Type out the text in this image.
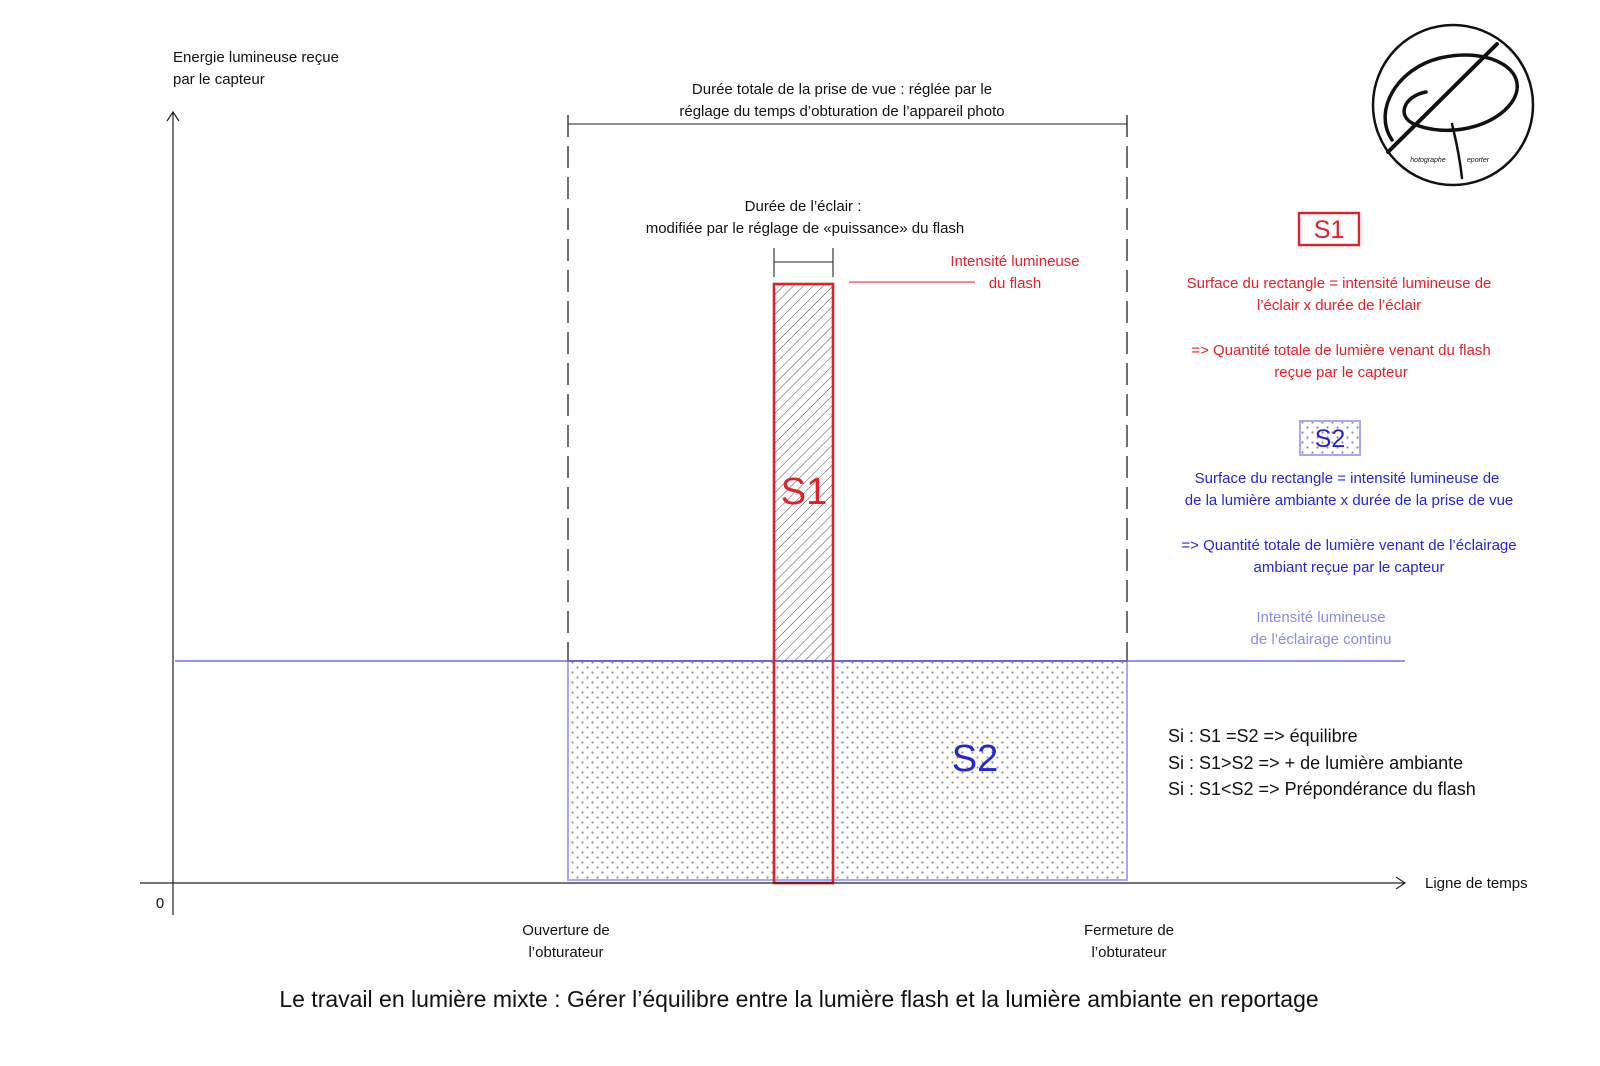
Energie lumineuse reçue
par le capteur
0
Ligne de temps
Durée totale de la prise de vue : réglée par le
réglage du temps d’obturation de l’appareil photo
Durée de l’éclair :
modifiée par le réglage de «puissance» du flash
Intensité lumineuse
du flash
S1
S2
S1
Surface du rectangle = intensité lumineuse de
l’éclair x durée de l’éclair
=> Quantité totale de lumière venant du flash
reçue par le capteur
S2
Surface du rectangle = intensité lumineuse de
de la lumière ambiante x durée de la prise de vue
=> Quantité totale de lumière venant de l’éclairage
ambiant reçue par le capteur
Intensité lumineuse
de l’éclairage continu
Si : S1 =S2 => équilibre
Si : S1>S2 => + de lumière ambiante
Si : S1<S2 => Prépondérance du flash
Ouverture de
l’obturateur
Fermeture de
l’obturateur
Le travail en lumière mixte : Gérer l’équilibre entre la lumière flash et la lumière ambiante en reportage
hotographe	eporter
